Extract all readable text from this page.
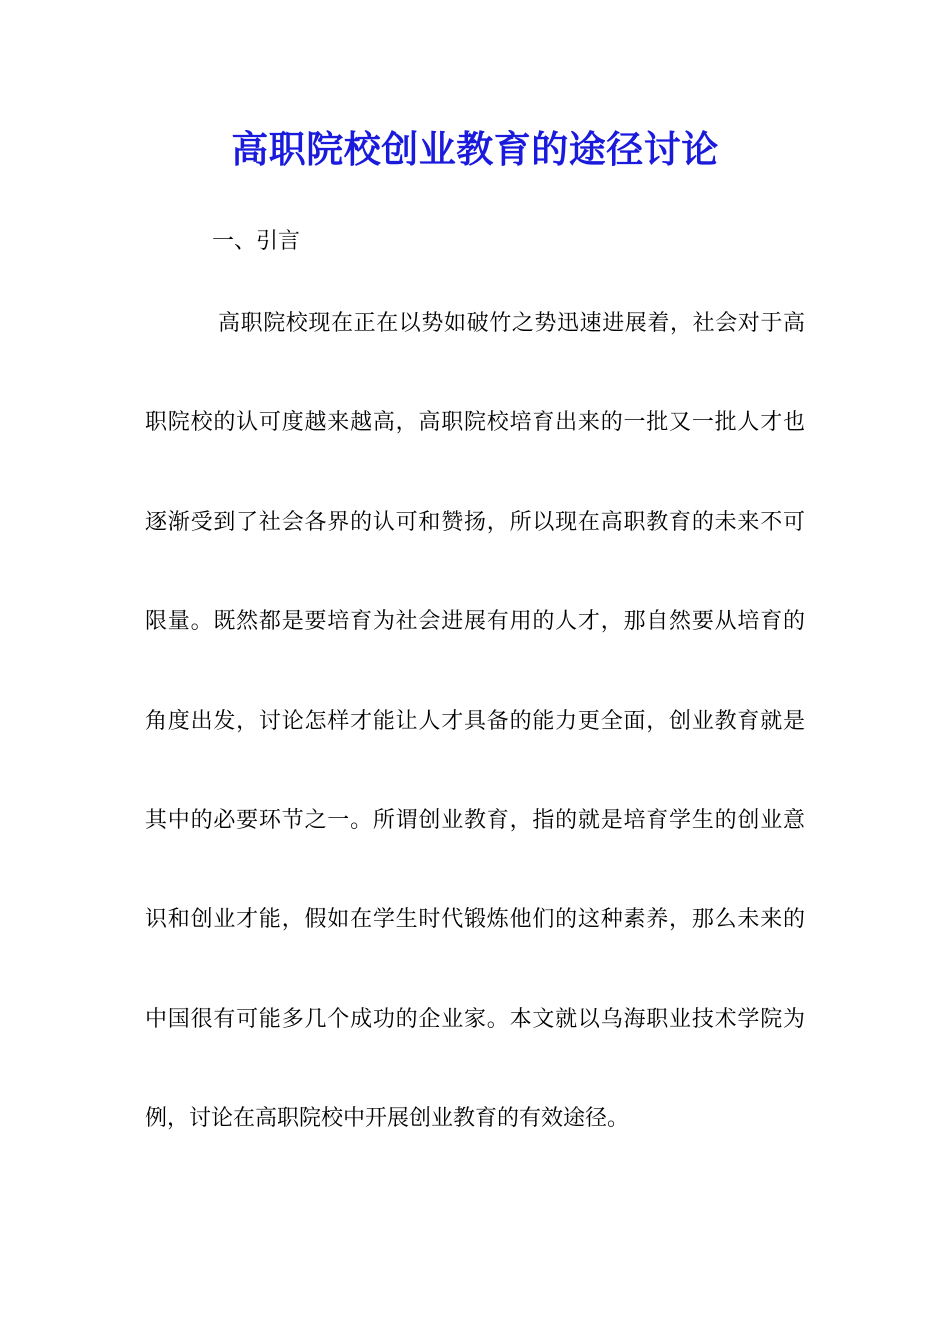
高职院校创业教育的途径讨论
一、引言
高职院校现在正在以势如破竹之势迅速进展着，社会对于高
职院校的认可度越来越高，高职院校培育出来的一批又一批人才也
逐渐受到了社会各界的认可和赞扬，所以现在高职教育的未来不可
限量。既然都是要培育为社会进展有用的人才，那自然要从培育的
角度出发，讨论怎样才能让人才具备的能力更全面，创业教育就是
其中的必要环节之一。所谓创业教育，指的就是培育学生的创业意
识和创业才能，假如在学生时代锻炼他们的这种素养，那么未来的
中国很有可能多几个成功的企业家。本文就以乌海职业技术学院为
例，讨论在高职院校中开展创业教育的有效途径。
